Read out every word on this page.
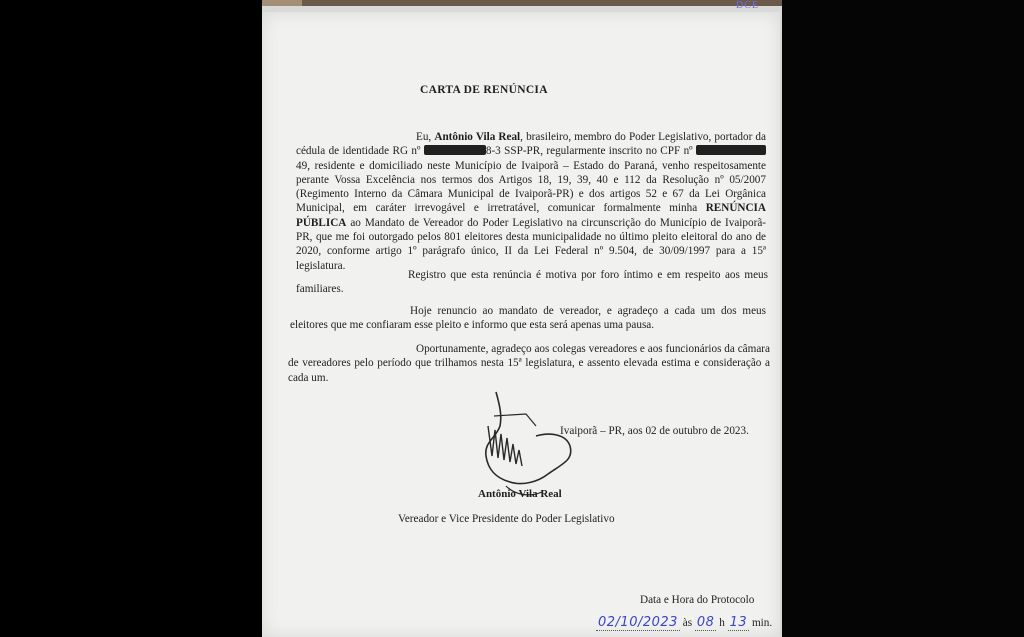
DCE
CARTA DE RENÚNCIA
Eu, Antônio Vila Real, brasileiro, membro do Poder Legislativo, portador da cédula de identidade RG nº	8-3 SSP-PR, regularmente inscrito no CPF nº 49, residente e domiciliado neste Município de Ivaiporã – Estado do Paraná, venho respeitosamente perante Vossa Excelência nos termos dos Artigos 18, 19, 39, 40 e 112 da Resolução nº 05/2007 (Regimento Interno da Câmara Municipal de Ivaiporã-PR) e dos artigos 52 e 67 da Lei Orgânica Municipal, em caráter irrevogável e irretratável, comunicar formalmente minha RENÚNCIA PÚBLICA ao Mandato de Vereador do Poder Legislativo na circunscrição do Município de Ivaiporã-PR, que me foi outorgado pelos 801 eleitores desta municipalidade no último pleito eleitoral do ano de 2020, conforme artigo 1º parágrafo único, II da Lei Federal nº 9.504, de 30/09/1997 para a 15ª legislatura.
Registro que esta renúncia é motiva por foro íntimo e em respeito aos meus familiares.
Hoje renuncio ao mandato de vereador, e agradeço a cada um dos meus eleitores que me confiaram esse pleito e informo que esta será apenas uma pausa.
Oportunamente, agradeço aos colegas vereadores e aos funcionários da câmara de vereadores pelo período que trilhamos nesta 15ª legislatura, e assento elevada estima e consideração a cada um.
Ivaiporã – PR, aos 02 de outubro de 2023.
Antônio Vila Real
Vereador e Vice Presidente do Poder Legislativo
Data e Hora do Protocolo
02/10/2023 às 08 h 13 min.
